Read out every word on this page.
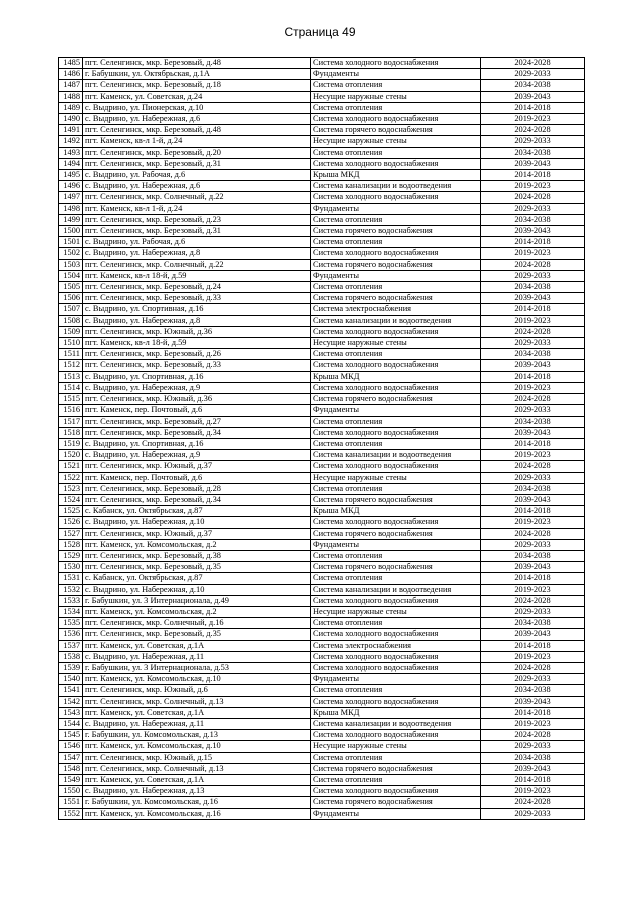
Страница 49
1485	пгт. Селенгинск, мкр. Березовый, д.48	Система холодного водоснабжения	2024-2028
1486	г. Бабушкин, ул. Октябрьская, д.1А	Фундаменты	2029-2033
1487	пгт. Селенгинск, мкр. Березовый, д.18	Система отопления	2034-2038
1488	пгт. Каменск, ул. Советская, д.24	Несущие наружные стены	2039-2043
1489	с. Выдрино, ул. Пионерская, д.10	Система отопления	2014-2018
1490	с. Выдрино, ул. Набережная, д.6	Система холодного водоснабжения	2019-2023
1491	пгт. Селенгинск, мкр. Березовый, д.48	Система горячего водоснабжения	2024-2028
1492	пгт. Каменск, кв-л 1-й, д.24	Несущие наружные стены	2029-2033
1493	пгт. Селенгинск, мкр. Березовый, д.20	Система отопления	2034-2038
1494	пгт. Селенгинск, мкр. Березовый, д.31	Система холодного водоснабжения	2039-2043
1495	с. Выдрино, ул. Рабочая, д.6	Крыша МКД	2014-2018
1496	с. Выдрино, ул. Набережная, д.6	Система канализации и водоотведения	2019-2023
1497	пгт. Селенгинск, мкр. Солнечный, д.22	Система холодного водоснабжения	2024-2028
1498	пгт. Каменск, кв-л 1-й, д.24	Фундаменты	2029-2033
1499	пгт. Селенгинск, мкр. Березовый, д.23	Система отопления	2034-2038
1500	пгт. Селенгинск, мкр. Березовый, д.31	Система горячего водоснабжения	2039-2043
1501	с. Выдрино, ул. Рабочая, д.6	Система отопления	2014-2018
1502	с. Выдрино, ул. Набережная, д.8	Система холодного водоснабжения	2019-2023
1503	пгт. Селенгинск, мкр. Солнечный, д.22	Система горячего водоснабжения	2024-2028
1504	пгт. Каменск, кв-л 18-й, д.59	Фундаменты	2029-2033
1505	пгт. Селенгинск, мкр. Березовый, д.24	Система отопления	2034-2038
1506	пгт. Селенгинск, мкр. Березовый, д.33	Система горячего водоснабжения	2039-2043
1507	с. Выдрино, ул. Спортивная, д.16	Система электроснабжения	2014-2018
1508	с. Выдрино, ул. Набережная, д.8	Система канализации и водоотведения	2019-2023
1509	пгт. Селенгинск, мкр. Южный, д.36	Система холодного водоснабжения	2024-2028
1510	пгт. Каменск, кв-л 18-й, д.59	Несущие наружные стены	2029-2033
1511	пгт. Селенгинск, мкр. Березовый, д.26	Система отопления	2034-2038
1512	пгт. Селенгинск, мкр. Березовый, д.33	Система холодного водоснабжения	2039-2043
1513	с. Выдрино, ул. Спортивная, д.16	Крыша МКД	2014-2018
1514	с. Выдрино, ул. Набережная, д.9	Система холодного водоснабжения	2019-2023
1515	пгт. Селенгинск, мкр. Южный, д.36	Система горячего водоснабжения	2024-2028
1516	пгт. Каменск, пер. Почтовый, д.6	Фундаменты	2029-2033
1517	пгт. Селенгинск, мкр. Березовый, д.27	Система отопления	2034-2038
1518	пгт. Селенгинск, мкр. Березовый, д.34	Система холодного водоснабжения	2039-2043
1519	с. Выдрино, ул. Спортивная, д.16	Система отопления	2014-2018
1520	с. Выдрино, ул. Набережная, д.9	Система канализации и водоотведения	2019-2023
1521	пгт. Селенгинск, мкр. Южный, д.37	Система холодного водоснабжения	2024-2028
1522	пгт. Каменск, пер. Почтовый, д.6	Несущие наружные стены	2029-2033
1523	пгт. Селенгинск, мкр. Березовый, д.28	Система отопления	2034-2038
1524	пгт. Селенгинск, мкр. Березовый, д.34	Система горячего водоснабжения	2039-2043
1525	с. Кабанск, ул. Октябрьская, д.87	Крыша МКД	2014-2018
1526	с. Выдрино, ул. Набережная, д.10	Система холодного водоснабжения	2019-2023
1527	пгт. Селенгинск, мкр. Южный, д.37	Система горячего водоснабжения	2024-2028
1528	пгт. Каменск, ул. Комсомольская, д.2	Фундаменты	2029-2033
1529	пгт. Селенгинск, мкр. Березовый, д.38	Система отопления	2034-2038
1530	пгт. Селенгинск, мкр. Березовый, д.35	Система горячего водоснабжения	2039-2043
1531	с. Кабанск, ул. Октябрьская, д.87	Система отопления	2014-2018
1532	с. Выдрино, ул. Набережная, д.10	Система канализации и водоотведения	2019-2023
1533	г. Бабушкин, ул. 3 Интернационала, д.49	Система холодного водоснабжения	2024-2028
1534	пгт. Каменск, ул. Комсомольская, д.2	Несущие наружные стены	2029-2033
1535	пгт. Селенгинск, мкр. Солнечный, д.16	Система отопления	2034-2038
1536	пгт. Селенгинск, мкр. Березовый, д.35	Система холодного водоснабжения	2039-2043
1537	пгт. Каменск, ул. Советская, д.1А	Система электроснабжения	2014-2018
1538	с. Выдрино, ул. Набережная, д.11	Система холодного водоснабжения	2019-2023
1539	г. Бабушкин, ул. 3 Интернационала, д.53	Система холодного водоснабжения	2024-2028
1540	пгт. Каменск, ул. Комсомольская, д.10	Фундаменты	2029-2033
1541	пгт. Селенгинск, мкр. Южный, д.6	Система отопления	2034-2038
1542	пгт. Селенгинск, мкр. Солнечный, д.13	Система холодного водоснабжения	2039-2043
1543	пгт. Каменск, ул. Советская, д.1А	Крыша МКД	2014-2018
1544	с. Выдрино, ул. Набережная, д.11	Система канализации и водоотведения	2019-2023
1545	г. Бабушкин, ул. Комсомольская, д.13	Система холодного водоснабжения	2024-2028
1546	пгт. Каменск, ул. Комсомольская, д.10	Несущие наружные стены	2029-2033
1547	пгт. Селенгинск, мкр. Южный, д.15	Система отопления	2034-2038
1548	пгт. Селенгинск, мкр. Солнечный, д.13	Система горячего водоснабжения	2039-2043
1549	пгт. Каменск, ул. Советская, д.1А	Система отопления	2014-2018
1550	с. Выдрино, ул. Набережная, д.13	Система холодного водоснабжения	2019-2023
1551	г. Бабушкин, ул. Комсомольская, д.16	Система горячего водоснабжения	2024-2028
1552	пгт. Каменск, ул. Комсомольская, д.16	Фундаменты	2029-2033
